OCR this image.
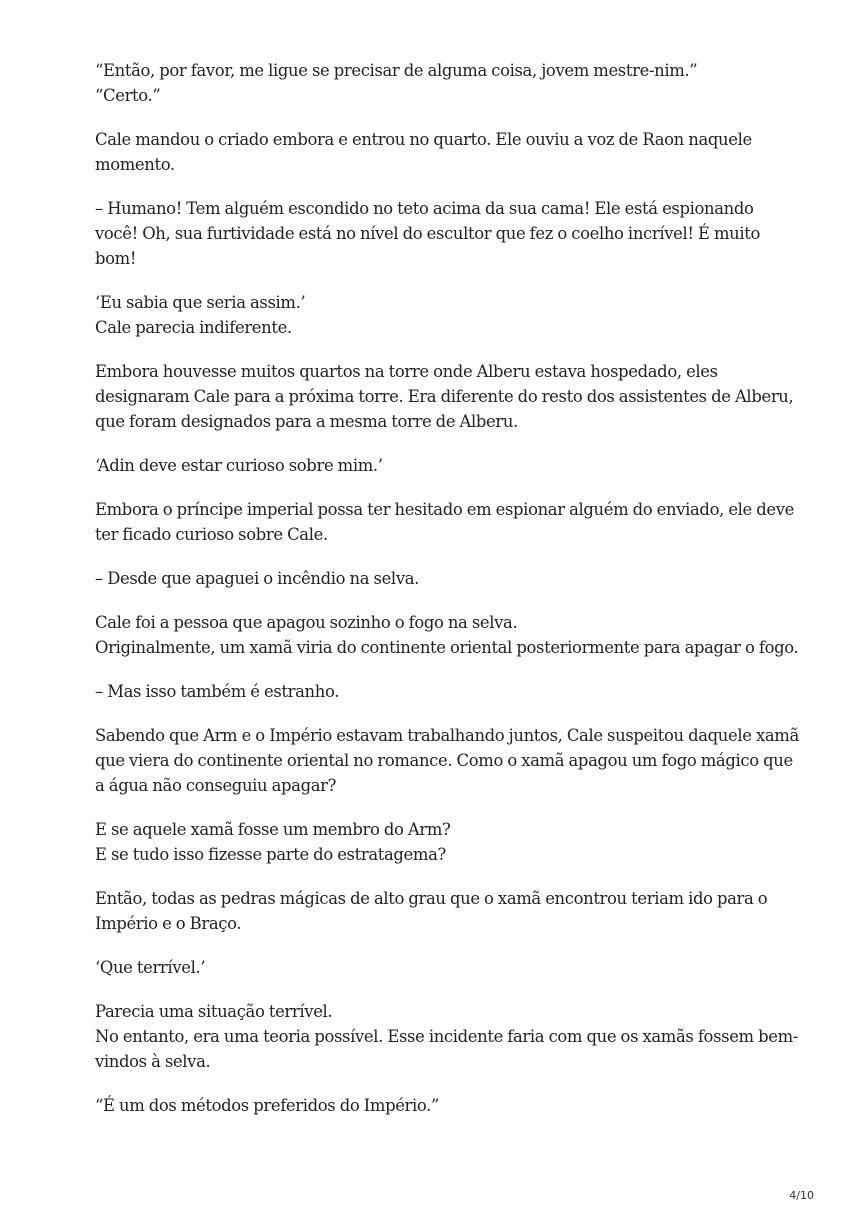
“Então, por favor, me ligue se precisar de alguma coisa, jovem mestre-nim.”
“Certo.”

Cale mandou o criado embora e entrou no quarto. Ele ouviu a voz de Raon naquele
momento.

– Humano! Tem alguém escondido no teto acima da sua cama! Ele está espionando
você! Oh, sua furtividade está no nível do escultor que fez o coelho incrível! É muito
bom!

‘Eu sabia que seria assim.’
Cale parecia indiferente.

Embora houvesse muitos quartos na torre onde Alberu estava hospedado, eles
designaram Cale para a próxima torre. Era diferente do resto dos assistentes de Alberu,
que foram designados para a mesma torre de Alberu.

‘Adin deve estar curioso sobre mim.’

Embora o príncipe imperial possa ter hesitado em espionar alguém do enviado, ele deve
ter ficado curioso sobre Cale.

– Desde que apaguei o incêndio na selva.

Cale foi a pessoa que apagou sozinho o fogo na selva.
Originalmente, um xamã viria do continente oriental posteriormente para apagar o fogo.

– Mas isso também é estranho.

Sabendo que Arm e o Império estavam trabalhando juntos, Cale suspeitou daquele xamã
que viera do continente oriental no romance. Como o xamã apagou um fogo mágico que
a água não conseguiu apagar?

E se aquele xamã fosse um membro do Arm?
E se tudo isso fizesse parte do estratagema?

Então, todas as pedras mágicas de alto grau que o xamã encontrou teriam ido para o
Império e o Braço.

‘Que terrível.’

Parecia uma situação terrível.
No entanto, era uma teoria possível. Esse incidente faria com que os xamãs fossem bem-
vindos à selva.

“É um dos métodos preferidos do Império.”

4/10
